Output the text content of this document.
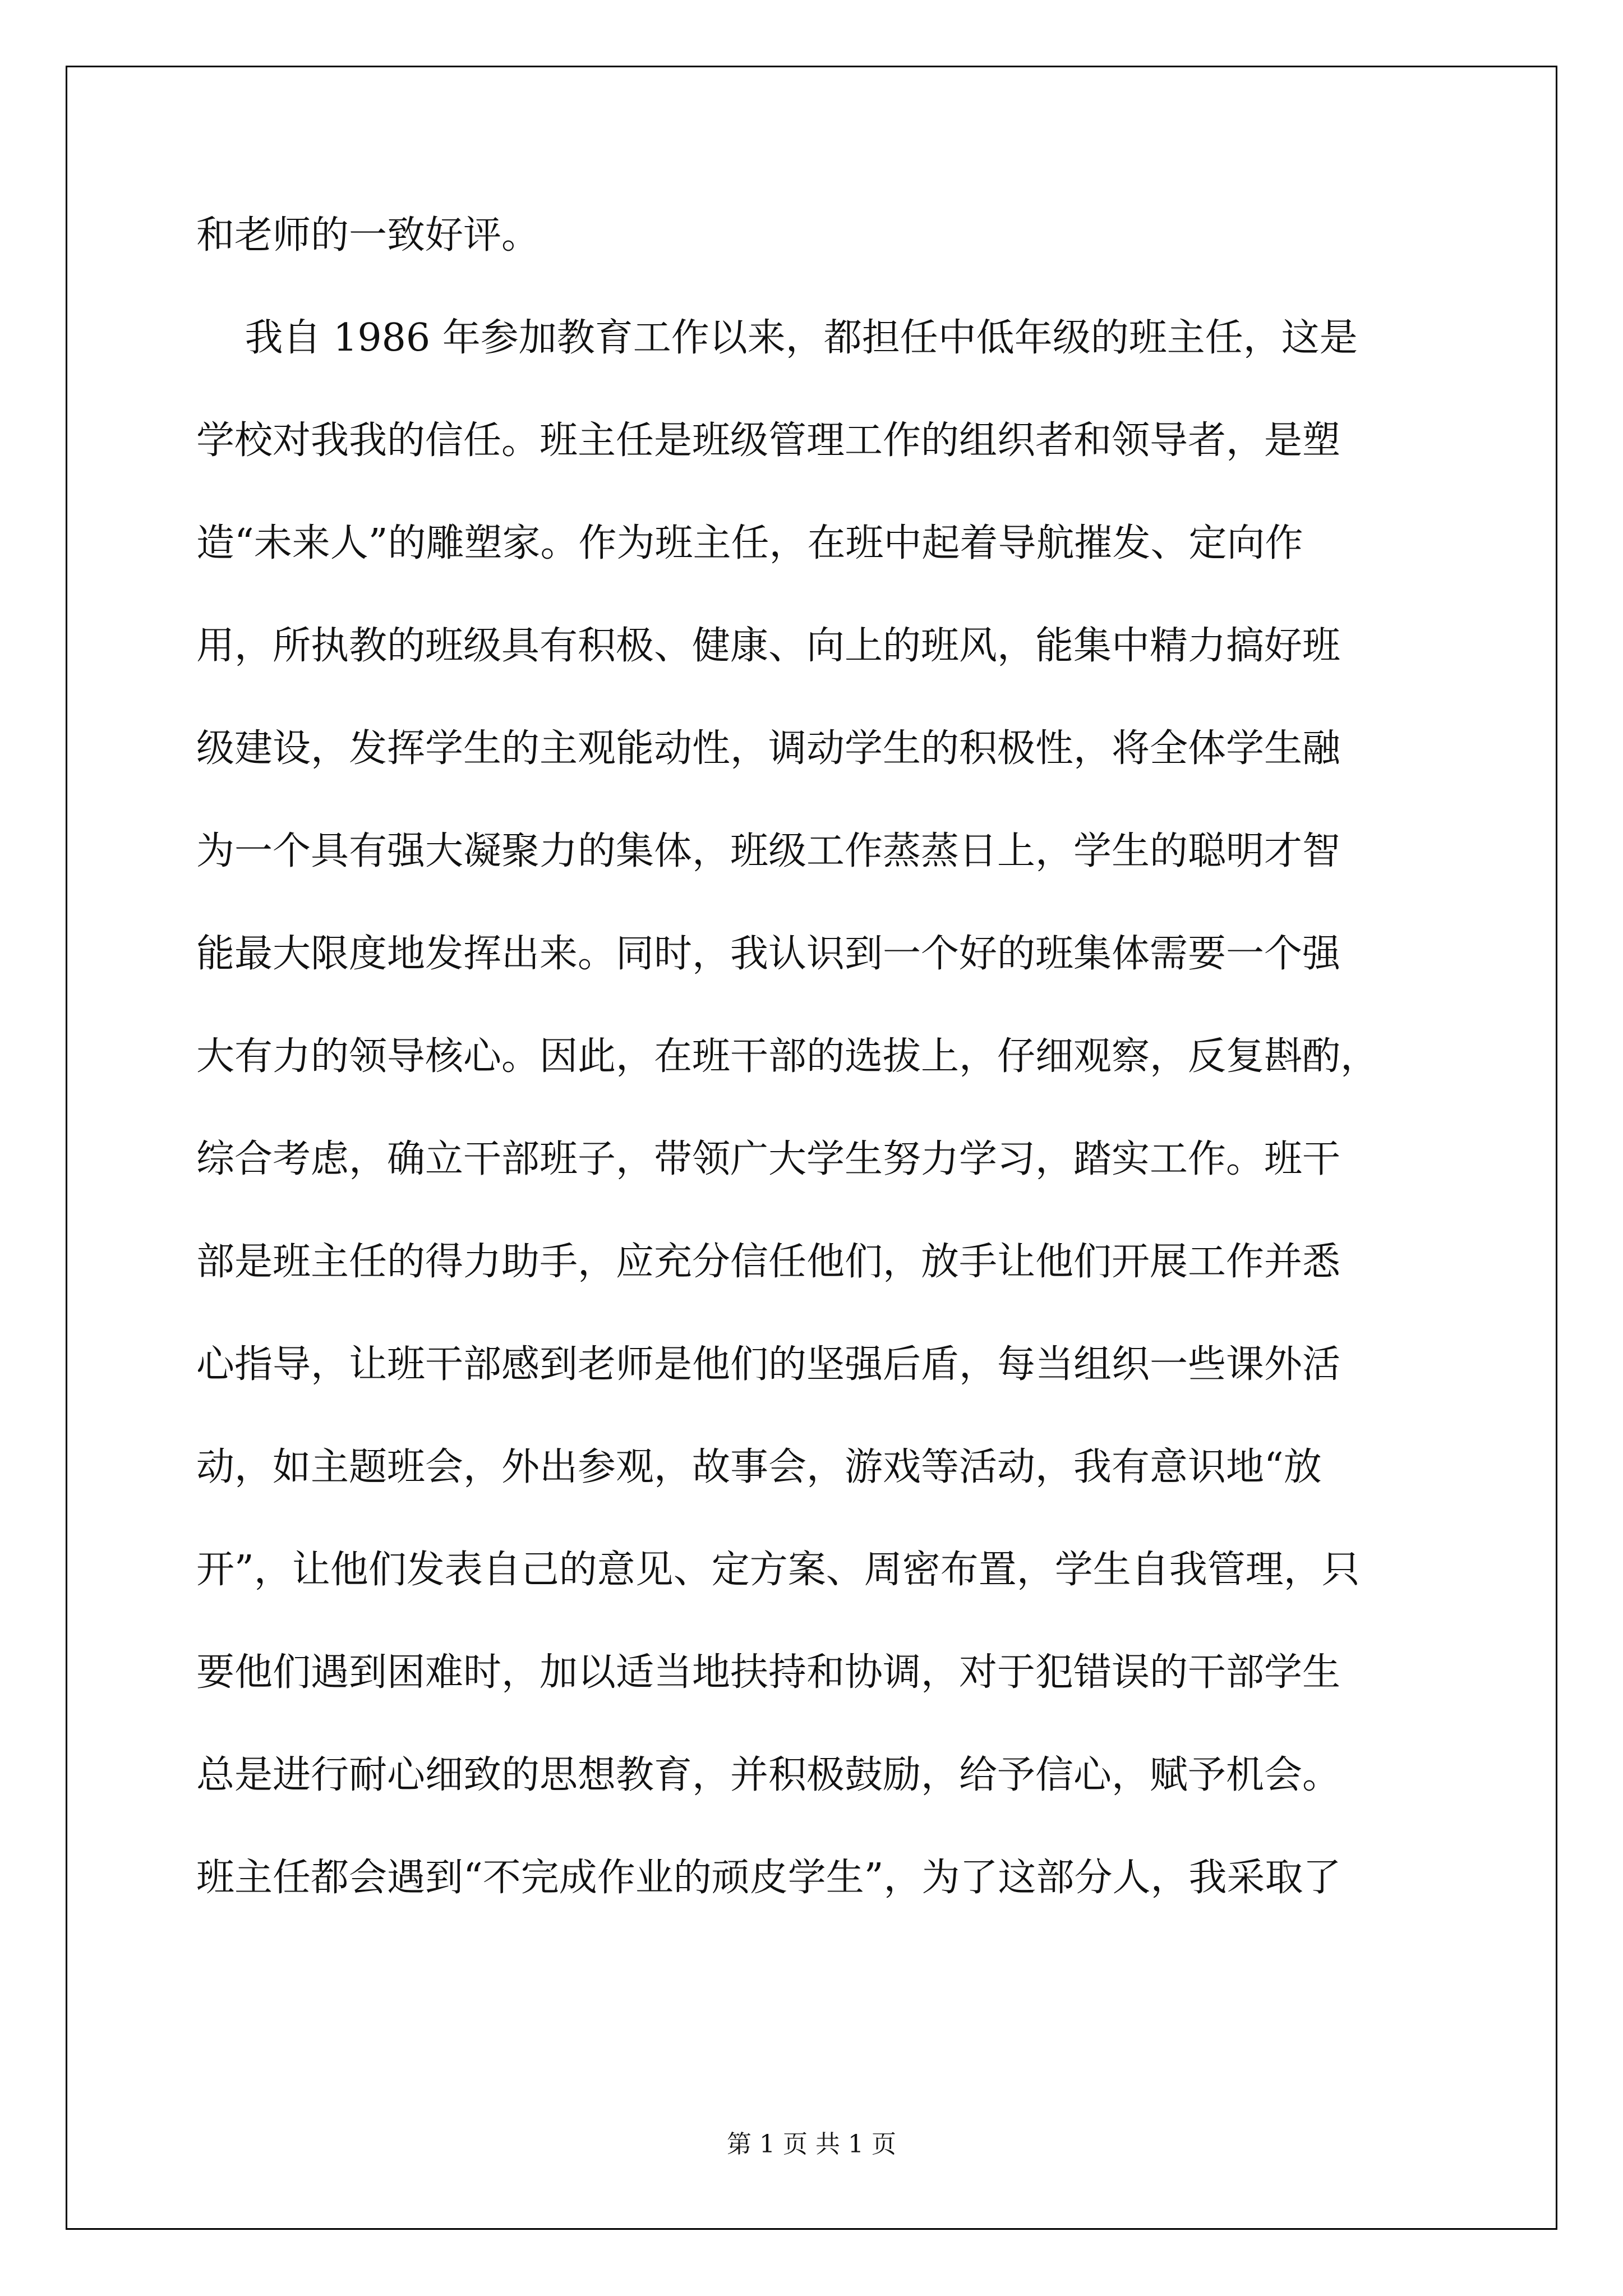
和老师的一致好评。
我自 1986 年参加教育工作以来，都担任中低年级的班主任，这是
学校对我我的信任。班主任是班级管理工作的组织者和领导者，是塑
造“未来人”的雕塑家。作为班主任，在班中起着导航摧发、定向作
用，所执教的班级具有积极、健康、向上的班风，能集中精力搞好班
级建设，发挥学生的主观能动性，调动学生的积极性，将全体学生融
为一个具有强大凝聚力的集体，班级工作蒸蒸日上，学生的聪明才智
能最大限度地发挥出来。同时，我认识到一个好的班集体需要一个强
大有力的领导核心。因此，在班干部的选拔上，仔细观察，反复斟酌，
综合考虑，确立干部班子，带领广大学生努力学习，踏实工作。班干
部是班主任的得力助手，应充分信任他们，放手让他们开展工作并悉
心指导，让班干部感到老师是他们的坚强后盾，每当组织一些课外活
动，如主题班会，外出参观，故事会，游戏等活动，我有意识地“放
开”，让他们发表自己的意见、定方案、周密布置，学生自我管理，只
要他们遇到困难时，加以适当地扶持和协调，对于犯错误的干部学生
总是进行耐心细致的思想教育，并积极鼓励，给予信心，赋予机会。
班主任都会遇到“不完成作业的顽皮学生”，为了这部分人，我采取了
第 1 页 共 1 页
